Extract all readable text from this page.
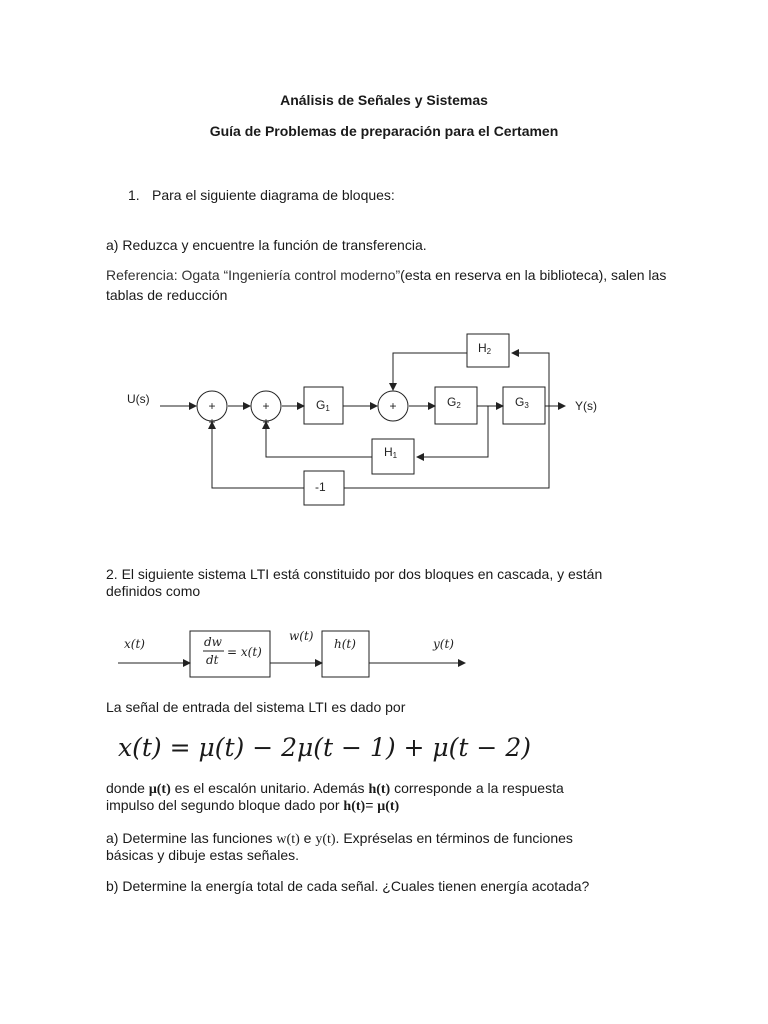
Análisis de Señales y Sistemas
Guía de Problemas de preparación para el Certamen
1. Para el siguiente diagrama de bloques:
a) Reduzca y encuentre la función de transferencia.
Referencia: Ogata “Ingeniería control moderno”(esta en reserva en la biblioteca), salen las
tablas de reducción
U(s)	Y(s)
+
+
+
+
+
G1	G2	G3
H2
H1
-1
2. El siguiente sistema LTI está constituido por dos bloques en cascada, y están
definidos como
x(t)	dw
dt
= x(t)
w(t)
h(t)	y(t)
La señal de entrada del sistema LTI es dado por
x(t) = μ(t) − 2μ(t − 1) + μ(t − 2)
donde μ(t) es el escalón unitario. Además h(t) corresponde a la respuesta
impulso del segundo bloque dado por h(t)= μ(t)
a) Determine las funciones w(t) e y(t). Expréselas en términos de funciones
básicas y dibuje estas señales.
b) Determine la energía total de cada señal. ¿Cuales tienen energía acotada?
